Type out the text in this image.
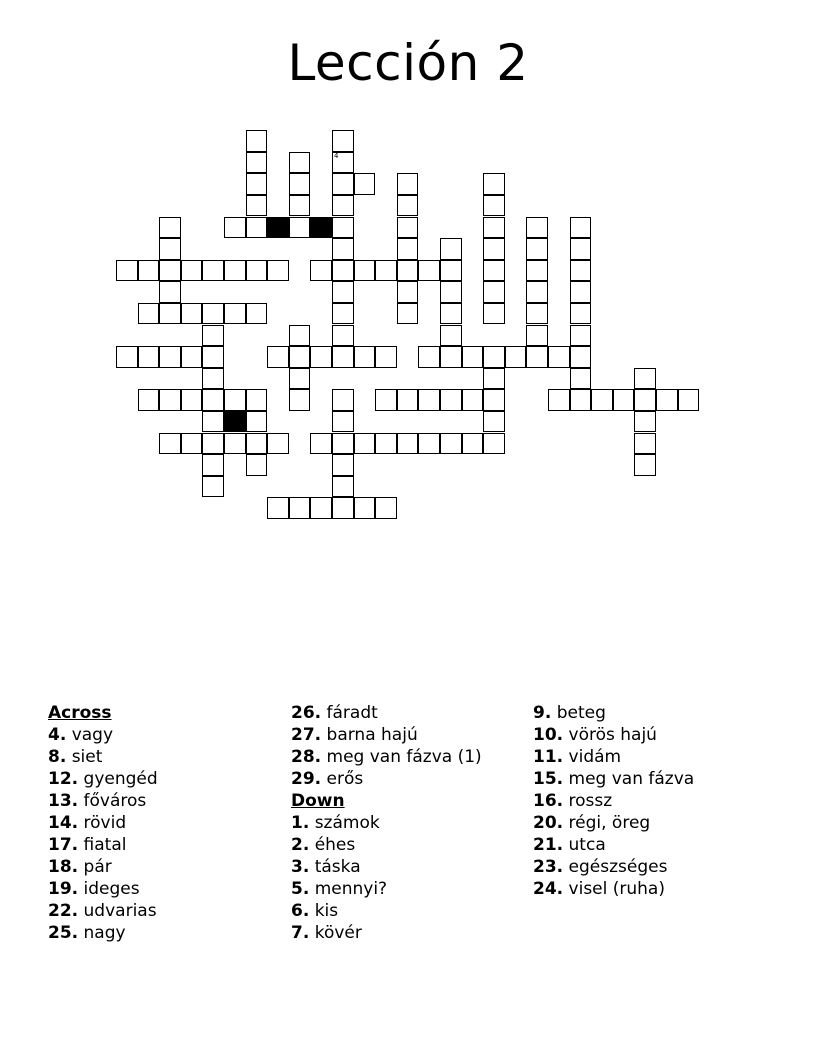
Lección 2
4
Across
4. vagy
8. siet
12. gyengéd
13. főváros
14. rövid
17. fiatal
18. pár
19. ideges
22. udvarias
25. nagy
26. fáradt
27. barna hajú
28. meg van fázva (1)
29. erős
Down
1. számok
2. éhes
3. táska
5. mennyi?
6. kis
7. kövér
9. beteg
10. vörös hajú
11. vidám
15. meg van fázva
16. rossz
20. régi, öreg
21. utca
23. egészséges
24. visel (ruha)
